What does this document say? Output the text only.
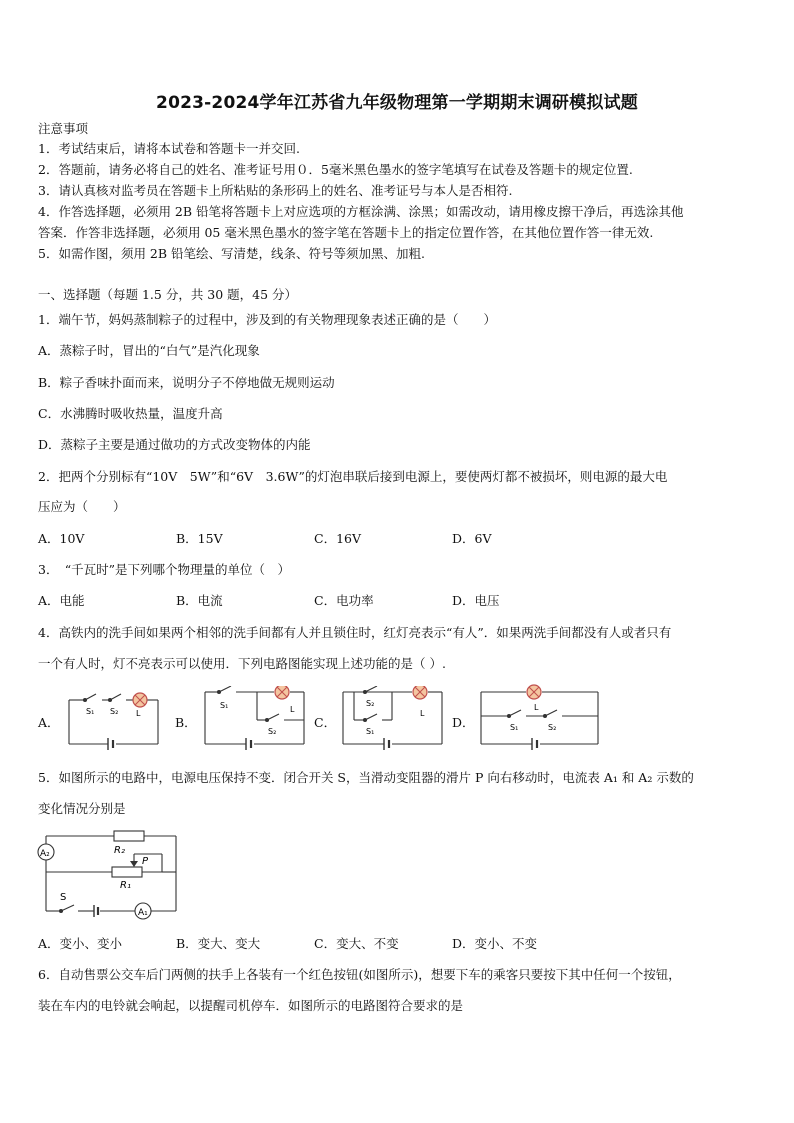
2023-2024学年江苏省九年级物理第一学期期末调研模拟试题
注意事项
1．考试结束后，请将本试卷和答题卡一并交回.
2．答题前，请务必将自己的姓名、准考证号用０．5毫米黑色墨水的签字笔填写在试卷及答题卡的规定位置.
3．请认真核对监考员在答题卡上所粘贴的条形码上的姓名、准考证号与本人是否相符.
4．作答选择题，必须用 2B 铅笔将答题卡上对应选项的方框涂满、涂黑；如需改动，请用橡皮擦干净后，再选涂其他
答案．作答非选择题，必须用 05 毫米黑色墨水的签字笔在答题卡上的指定位置作答，在其他位置作答一律无效.
5．如需作图，须用 2B 铅笔绘、写清楚，线条、符号等须加黑、加粗.
一、选择题（每题 1.5 分，共 30 题，45 分）
1．端午节，妈妈蒸制粽子的过程中，涉及到的有关物理现象表述正确的是（　　）
A．蒸粽子时，冒出的“白气”是汽化现象
B．粽子香味扑面而来，说明分子不停地做无规则运动
C．水沸腾时吸收热量，温度升高
D．蒸粽子主要是通过做功的方式改变物体的内能
2．把两个分别标有“10V　5W”和“6V　3.6W”的灯泡串联后接到电源上，要使两灯都不被损坏，则电源的最大电
压应为（　　）
A．10V	B．15V	C．16V	D．6V
3．　“千瓦时”是下列哪个物理量的单位（　）
A．电能	B．电流	C．电功率	D．电压
4．高铁内的洗手间如果两个相邻的洗手间都有人并且锁住时，红灯亮表示“有人”．如果两洗手间都没有人或者只有
一个有人时，灯不亮表示可以使用．下列电路图能实现上述功能的是（ ）.
A．	B．	C．	D．
S₁ S₂ L
S₁	L
S₂
S₂
L
S₁
L
S₁	S₂
5．如图所示的电路中，电源电压保持不变．闭合开关 S，当滑动变阻器的滑片 P 向右移动时，电流表 A₁ 和 A₂ 示数的
变化情况分别是
A₂
A₁
R₂
R₁
P
S
A．变小、变小	B．变大、变大	C．变大、不变	D．变小、不变
6．自动售票公交车后门两侧的扶手上各装有一个红色按钮(如图所示)，想要下车的乘客只要按下其中任何一个按钮，
装在车内的电铃就会响起，以提醒司机停车．如图所示的电路图符合要求的是
